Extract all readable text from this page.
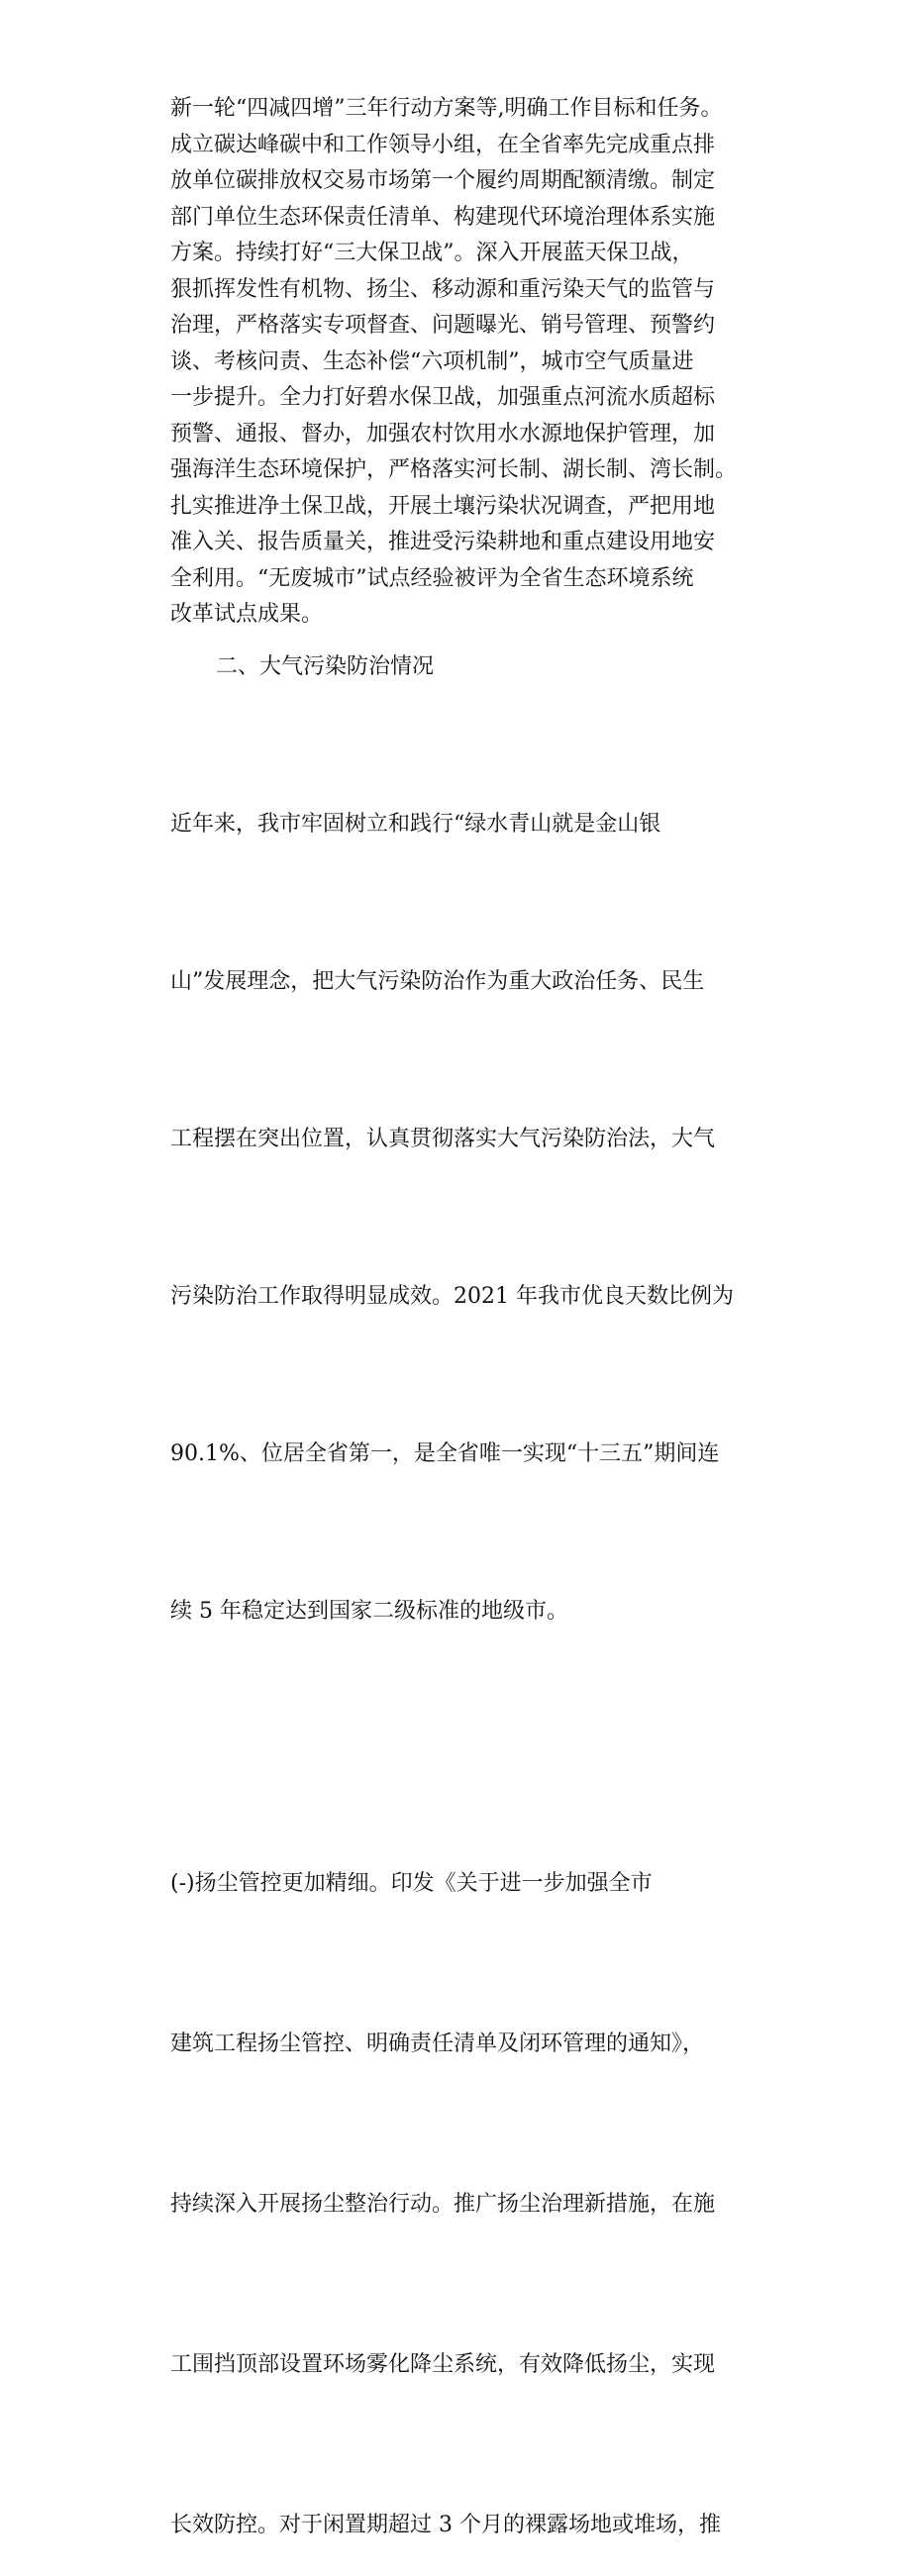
新一轮“四减四增”三年行动方案等,明确工作目标和任务。
成立碳达峰碳中和工作领导小组，在全省率先完成重点排
放单位碳排放权交易市场第一个履约周期配额清缴。制定
部门单位生态环保责任清单、构建现代环境治理体系实施
方案。持续打好“三大保卫战”。深入开展蓝天保卫战，
狠抓挥发性有机物、扬尘、移动源和重污染天气的监管与
治理，严格落实专项督查、问题曝光、销号管理、预警约
谈、考核问责、生态补偿“六项机制”，城市空气质量进
一步提升。全力打好碧水保卫战，加强重点河流水质超标
预警、通报、督办，加强农村饮用水水源地保护管理，加
强海洋生态环境保护，严格落实河长制、湖长制、湾长制。
扎实推进净土保卫战，开展土壤污染状况调查，严把用地
准入关、报告质量关，推进受污染耕地和重点建设用地安
全利用。“无废城市”试点经验被评为全省生态环境系统
改革试点成果。

二、大气污染防治情况

近年来，我市牢固树立和践行“绿水青山就是金山银

山”发展理念，把大气污染防治作为重大政治任务、民生

工程摆在突出位置，认真贯彻落实大气污染防治法，大气

污染防治工作取得明显成效。2021 年我市优良天数比例为

90.1%、位居全省第一，是全省唯一实现“十三五”期间连

续 5 年稳定达到国家二级标准的地级市。

(-)扬尘管控更加精细。印发《关于进一步加强全市

建筑工程扬尘管控、明确责任清单及闭环管理的通知》，

持续深入开展扬尘整治行动。推广扬尘治理新措施，在施

工围挡顶部设置环场雾化降尘系统，有效降低扬尘，实现

长效防控。对于闲置期超过 3 个月的裸露场地或堆场，推
